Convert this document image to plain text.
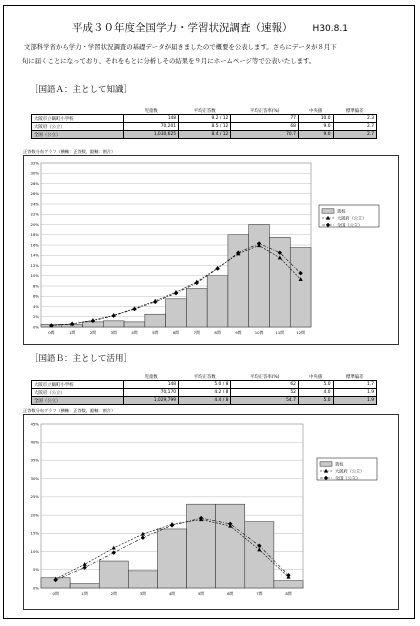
平成３０年度全国学力・学習状況調査（速報） H30.8.1
文部科学省から学力・学習状況調査の基礎データが届きましたので概要を公表します。さらにデータが８月下
旬に届くことになっており、それをもとに分析しその結果を９月にホームページ等で公表いたします。
［国語Ａ：主として知識］
	児童数	平均正答数	平均正答率(%)	中央値	標準偏差
大阪市立鶴町小学校	148	9.2 / 12	77	10.0	2.3
大阪府（公立）	70,201	8.5 / 12	68	9.0	2.7
全国（公立）	1,030,625	8.4 / 12	70.7	9.0	2.7
正答数分布グラフ（横軸：正答数，縦軸：割合）
0%
2%
4%
6%
8%
10%
12%
14%
16%
18%
20%
22%
24%
26%
28%
30%
32%
0問	1問	2問	3問	4問	5問	6問	7問	8問	9問	10問	11問	12問
貴校
大阪府（公立）
全国（公立）
［国語Ｂ：主として活用］
	児童数	平均正答数	平均正答率(%)	中央値	標準偏差
大阪市立鶴町小学校	148	5.0 / 8	62	5.0	1.7
大阪府（公立）	70,170	4.2 / 8	52	4.0	1.9
全国（公立）	1,029,799	4.4 / 8	54.7	5.0	1.9
正答数分布グラフ（横軸：正答数，縦軸：割合）
0%
5%
10%
15%
20%
25%
30%
35%
40%
45%
0問	1問	2問	3問	4問	5問	6問	7問	8問
貴校
大阪府（公立）
全国（公立）
